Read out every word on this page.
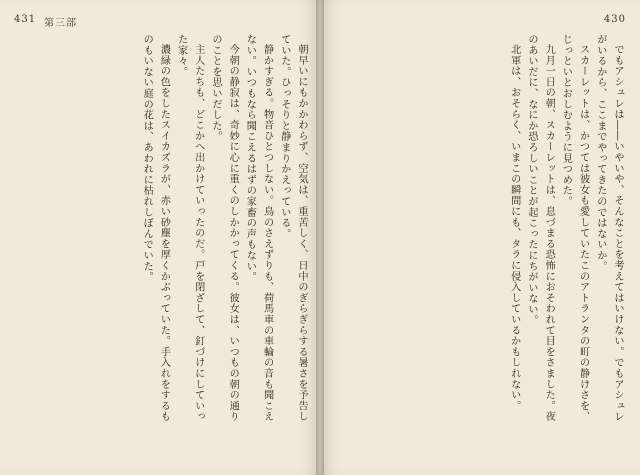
431 第三部

朝早いにもかかわらず、空気は、重苦しく、日中のぎらぎらする暑さを予告していた。ひっそりと静まりかえっている。

静かすぎる。物音ひとつしない。鳥のさえずりも、荷馬車の車輪の音も聞こえない。いつもなら聞こえるはずの家畜の声もない。

今朝の静寂は、奇妙に心に重くのしかかってくる。彼女は、いつもの朝の通りのことを思いだした。

主人たちも、どこかへ出かけていったのだ。戸を閉ざして、釘づけにしていった家々。

濃緑の色をしたスイカズラが、赤い砂塵を厚くかぶっていた。手入れをするものもいない庭の花は、あわれに枯れしぼんでいた。

430

でもアシュレは――いやいや、そんなことを考えてはいけない。でもアシュレがいるから、ここまでやってきたのではないか。

スカーレットは、かつては彼女も愛していたこのアトランタの町の静けさを、じっといとおしむように見つめた。

九月一日の朝、スカーレットは、息づまる恐怖におそわれて目をさました。夜のあいだに、なにか恐ろしいことが起こったにちがいない。

北軍は、おそらく、いまこの瞬間にも、タラに侵入しているかもしれない。
